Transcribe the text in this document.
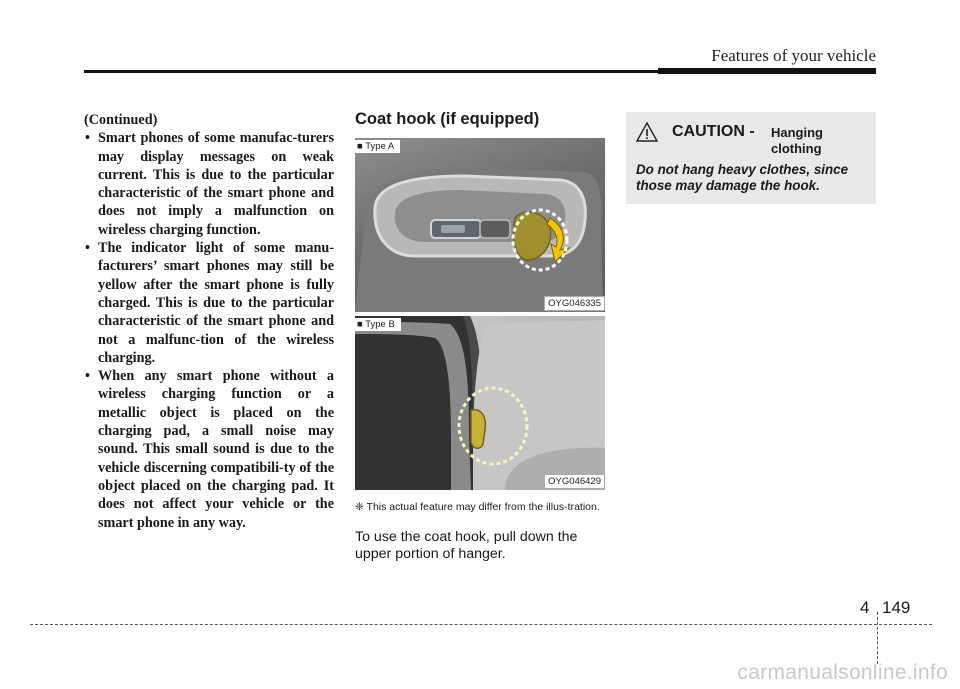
Features of your vehicle
(Continued)
• Smart phones of some manufac-turers may display messages on weak current. This is due to the particular characteristic of the smart phone and does not imply a malfunction on wireless charging function.
• The indicator light of some manu-facturers’ smart phones may still be yellow after the smart phone is fully charged. This is due to the particular characteristic of the smart phone and not a malfunc-tion of the wireless charging.
• When any smart phone without a wireless charging function or a metallic object is placed on the charging pad, a small noise may sound. This small sound is due to the vehicle discerning compatibili-ty of the object placed on the charging pad. It does not affect your vehicle or the smart phone in any way.
Coat hook (if equipped)
■ Type A
OYG046335
■ Type B
OYG046429
❈ This actual feature may differ from the illus-tration.
To use the coat hook, pull down the upper portion of hanger.
CAUTION - Hanging clothing
Do not hang heavy clothes, since those may damage the hook.
4 149
carmanualsonline.info
